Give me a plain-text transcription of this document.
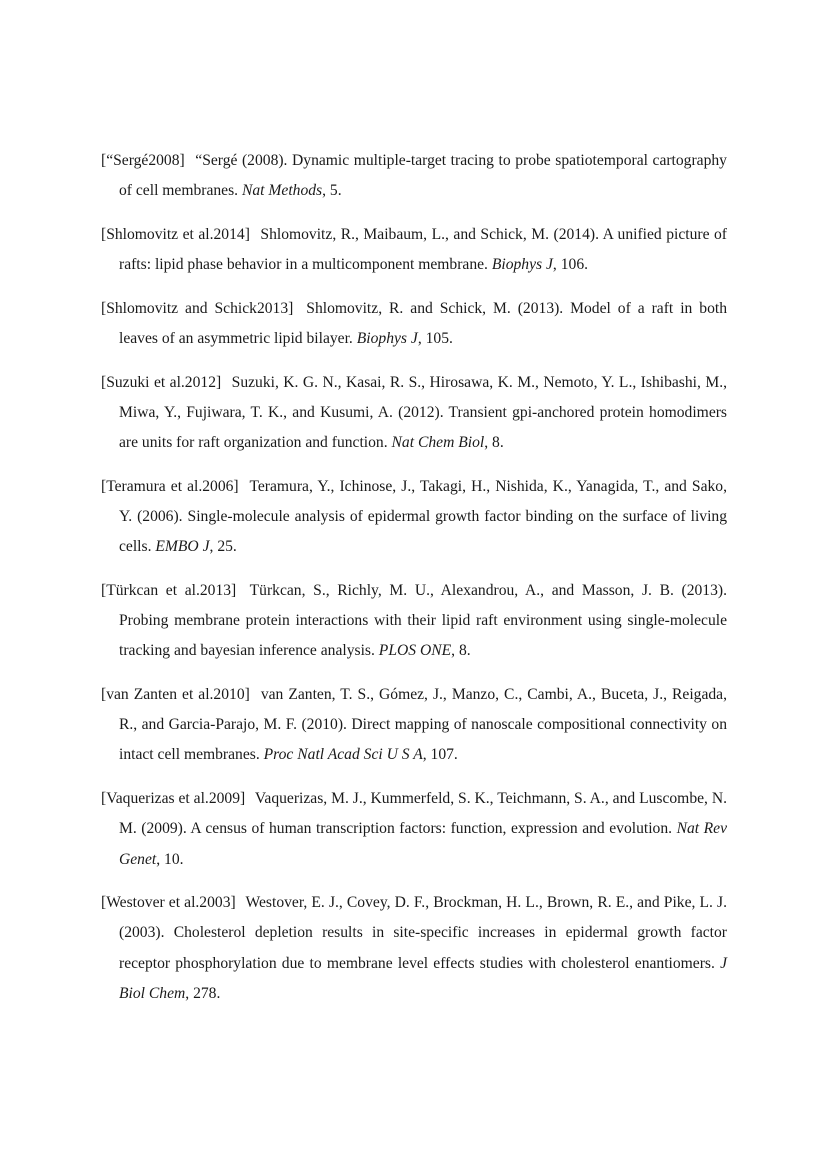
[“Sergé2008] “Sergé (2008). Dynamic multiple-target tracing to probe spatiotemporal cartography of cell membranes. Nat Methods, 5.

[Shlomovitz et al.2014] Shlomovitz, R., Maibaum, L., and Schick, M. (2014). A unified picture of rafts: lipid phase behavior in a multicomponent membrane. Biophys J, 106.

[Shlomovitz and Schick2013] Shlomovitz, R. and Schick, M. (2013). Model of a raft in both leaves of an asymmetric lipid bilayer. Biophys J, 105.

[Suzuki et al.2012] Suzuki, K. G. N., Kasai, R. S., Hirosawa, K. M., Nemoto, Y. L., Ishibashi, M., Miwa, Y., Fujiwara, T. K., and Kusumi, A. (2012). Transient gpi-anchored protein homodimers are units for raft organization and function. Nat Chem Biol, 8.

[Teramura et al.2006] Teramura, Y., Ichinose, J., Takagi, H., Nishida, K., Yanagida, T., and Sako, Y. (2006). Single-molecule analysis of epidermal growth factor binding on the surface of living cells. EMBO J, 25.

[Türkcan et al.2013] Türkcan, S., Richly, M. U., Alexandrou, A., and Masson, J. B. (2013). Probing membrane protein interactions with their lipid raft environment using single-molecule tracking and bayesian inference analysis. PLOS ONE, 8.

[van Zanten et al.2010] van Zanten, T. S., Gómez, J., Manzo, C., Cambi, A., Buceta, J., Reigada, R., and Garcia-Parajo, M. F. (2010). Direct mapping of nanoscale compositional connectivity on intact cell membranes. Proc Natl Acad Sci U S A, 107.

[Vaquerizas et al.2009] Vaquerizas, M. J., Kummerfeld, S. K., Teichmann, S. A., and Luscombe, N. M. (2009). A census of human transcription factors: function, expression and evolution. Nat Rev Genet, 10.

[Westover et al.2003] Westover, E. J., Covey, D. F., Brockman, H. L., Brown, R. E., and Pike, L. J. (2003). Cholesterol depletion results in site-specific increases in epidermal growth factor receptor phosphorylation due to membrane level effects studies with cholesterol enantiomers. J Biol Chem, 278.
